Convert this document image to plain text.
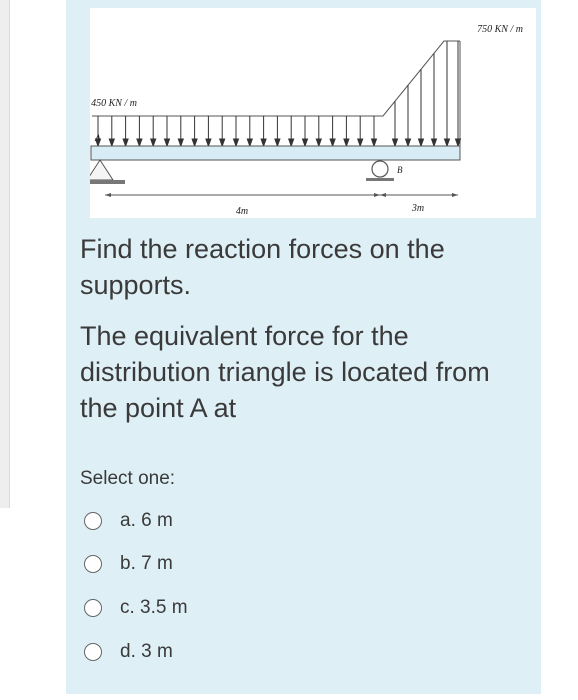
750 KN / m
450 KN / m
A
B
4m	3m

Find the reaction forces on the supports.

The equivalent force for the distribution triangle is located from the point A at

Select one:
a. 6 m
b. 7 m
c. 3.5 m
d. 3 m
